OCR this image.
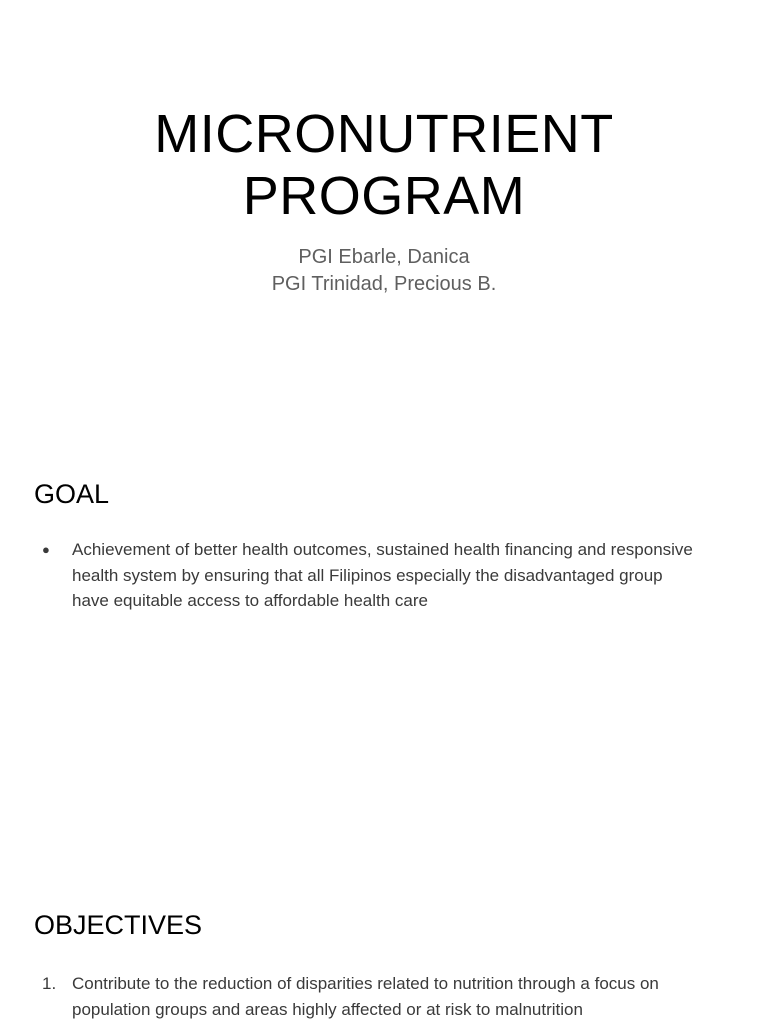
MICRONUTRIENT
PROGRAM
PGI Ebarle, Danica
PGI Trinidad, Precious B.
GOAL
● Achievement of better health outcomes, sustained health financing and responsive health system by ensuring that all Filipinos especially the disadvantaged group have equitable access to affordable health care
OBJECTIVES
1. Contribute to the reduction of disparities related to nutrition through a focus on population groups and areas highly affected or at risk to malnutrition
